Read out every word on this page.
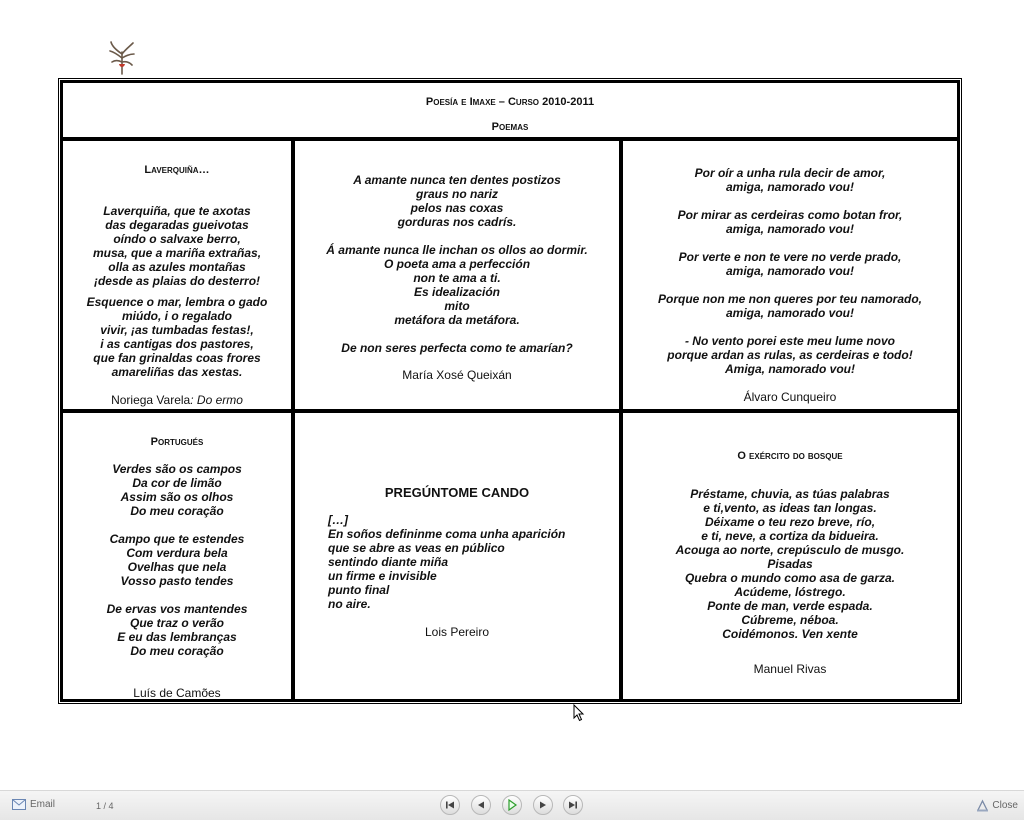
Poesía e Imaxe – Curso 2010-2011
Poemas
Laverquiña…
Laverquiña, que te axotas
das degaradas gueivotas
oíndo o salvaxe berro,
musa, que a mariña extrañas,
olla as azules montañas
¡desde as plaias do desterro!
Esquence o mar, lembra o gado
miúdo, i o regalado
vivir, ¡as tumbadas festas!,
i as cantigas dos pastores,
que fan grinaldas coas frores
amareliñas das xestas.
Noriega Varela: Do ermo
A amante nunca ten dentes postizos
graus no nariz
pelos nas coxas
gorduras nos cadrís.
Á amante nunca lle inchan os ollos ao dormir.
O poeta ama a perfección
non te ama a ti.
Es idealización
mito
metáfora da metáfora.
De non seres perfecta como te amarían?
María Xosé Queixán
Por oír a unha rula decir de amor,
amiga, namorado vou!
Por mirar as cerdeiras como botan fror,
amiga, namorado vou!
Por verte e non te vere no verde prado,
amiga, namorado vou!
Porque non me non queres por teu namorado,
amiga, namorado vou!
- No vento porei este meu lume novo
porque ardan as rulas, as cerdeiras e todo!
Amiga, namorado vou!
Álvaro Cunqueiro
Portugués
Verdes são os campos
Da cor de limão
Assim são os olhos
Do meu coração
Campo que te estendes
Com verdura bela
Ovelhas que nela
Vosso pasto tendes
De ervas vos mantendes
Que traz o verão
E eu das lembranças
Do meu coração
Luís de Camões
PREGÚNTOME CANDO
[…]
En soños defininme coma unha aparición
que se abre as veas en público
sentindo diante miña
un firme e invisible
punto final
no aire.
Lois Pereiro
O exército do bosque
Préstame, chuvia, as túas palabras
e ti,vento, as ideas tan longas.
Déixame o teu rezo breve, río,
e ti, neve, a cortiza da bidueira.
Acouga ao norte, crepúsculo de musgo.
Pisadas
Quebra o mundo como asa de garza.
Acúdeme, lóstrego.
Ponte de man, verde espada.
Cúbreme, néboa.
Coidémonos. Ven xente
Manuel Rivas
Email	1 / 4	Close
